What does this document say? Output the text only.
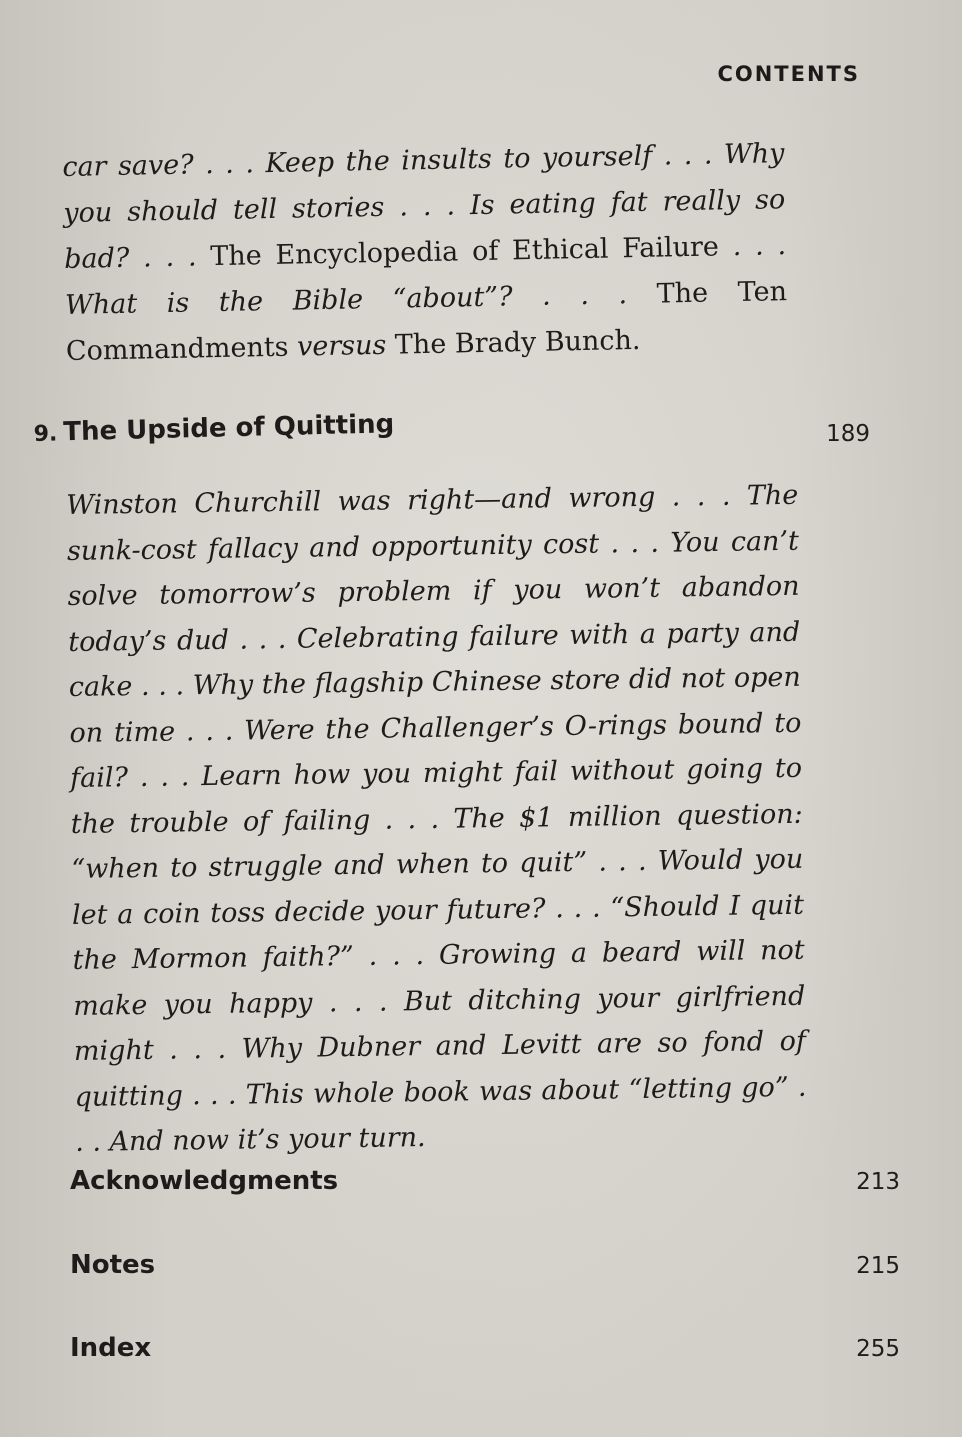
CONTENTS

car save? . . . Keep the insults to yourself . . . Why you should tell stories . . . Is eating fat really so bad? . . . The Encyclopedia of Ethical Failure . . . What is the Bible “about”? . . . The Ten Commandments versus The Brady Bunch.

9. The Upside of Quitting	189

Winston Churchill was right—and wrong . . . The sunk-cost fallacy and opportunity cost . . . You can’t solve tomorrow’s problem if you won’t abandon today’s dud . . . Celebrating failure with a party and cake . . . Why the flagship Chinese store did not open on time . . . Were the Challenger’s O-rings bound to fail? . . . Learn how you might fail without going to the trouble of failing . . . The $1 million question: “when to struggle and when to quit” . . . Would you let a coin toss decide your future? . . . “Should I quit the Mormon faith?” . . . Growing a beard will not make you happy . . . But ditching your girlfriend might . . . Why Dubner and Levitt are so fond of quitting . . . This whole book was about “letting go” . . . And now it’s your turn.

Acknowledgments	213
Notes	215
Index	255
